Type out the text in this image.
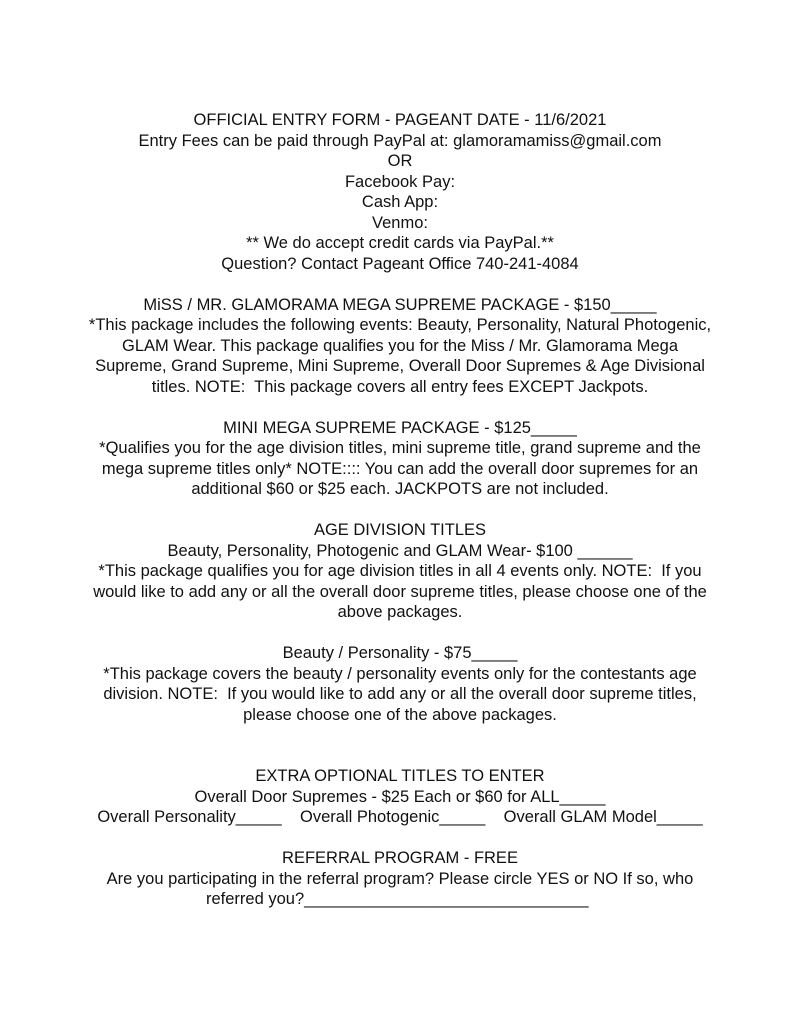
OFFICIAL ENTRY FORM - PAGEANT DATE - 11/6/2021
Entry Fees can be paid through PayPal at: glamoramamiss@gmail.com
OR
Facebook Pay:
Cash App:
Venmo:
** We do accept credit cards via PayPal.**
Question? Contact Pageant Office 740-241-4084
MiSS / MR. GLAMORAMA MEGA SUPREME PACKAGE - $150_____
*This package includes the following events: Beauty, Personality, Natural Photogenic,
GLAM Wear. This package qualifies you for the Miss / Mr. Glamorama Mega
Supreme, Grand Supreme, Mini Supreme, Overall Door Supremes & Age Divisional
titles. NOTE:  This package covers all entry fees EXCEPT Jackpots.
MINI MEGA SUPREME PACKAGE - $125_____
*Qualifies you for the age division titles, mini supreme title, grand supreme and the
mega supreme titles only* NOTE:::: You can add the overall door supremes for an
additional $60 or $25 each. JACKPOTS are not included.
AGE DIVISION TITLES
Beauty, Personality, Photogenic and GLAM Wear- $100 ______
*This package qualifies you for age division titles in all 4 events only. NOTE:  If you
would like to add any or all the overall door supreme titles, please choose one of the
above packages.
Beauty / Personality - $75_____
*This package covers the beauty / personality events only for the contestants age
division. NOTE:  If you would like to add any or all the overall door supreme titles,
please choose one of the above packages.
EXTRA OPTIONAL TITLES TO ENTER
Overall Door Supremes - $25 Each or $60 for ALL_____
Overall Personality_____    Overall Photogenic_____    Overall GLAM Model_____
REFERRAL PROGRAM - FREE
Are you participating in the referral program? Please circle YES or NO If so, who
referred you?_______________________________
